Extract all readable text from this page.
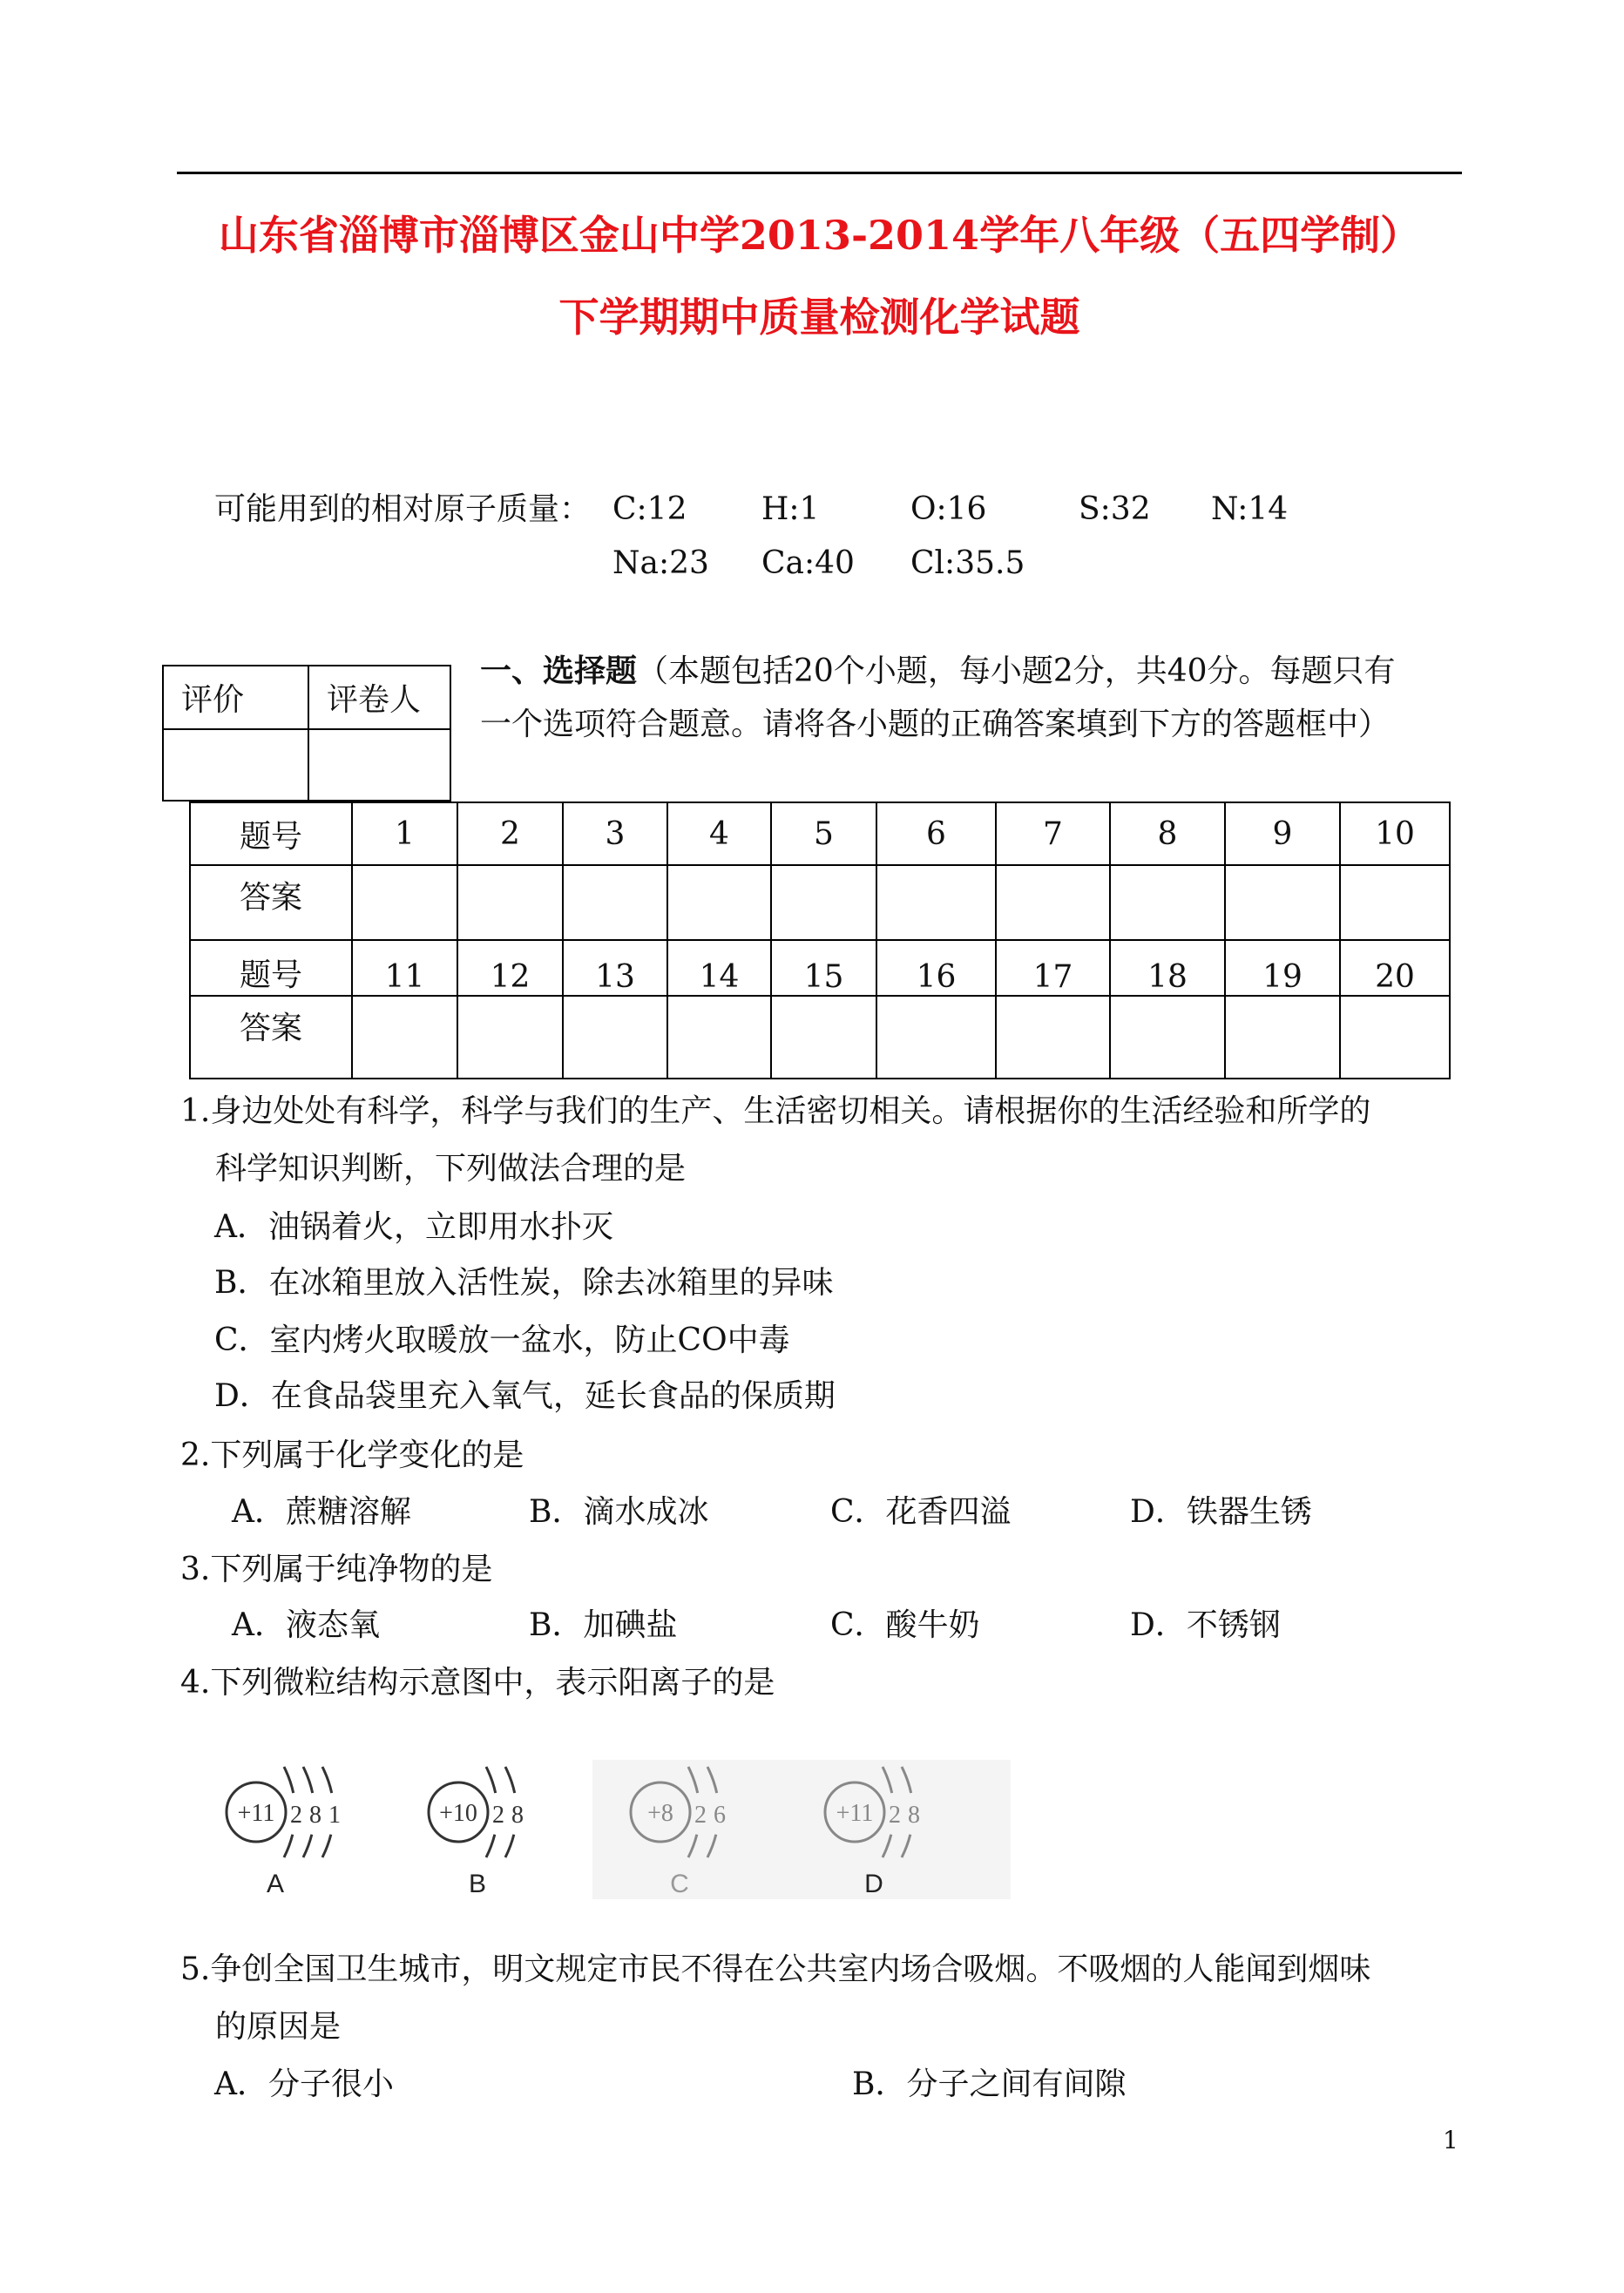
山东省淄博市淄博区金山中学2013-2014学年八年级（五四学制）
下学期期中质量检测化学试题
可能用到的相对原子质量： C:12 H:1	O:16	S:32 N:14
Na:23 Ca:40 Cl:35.5
评价	评卷人

一、选择题（本题包括20个小题，每小题2分，共40分。每题只有
一个选项符合题意。请将各小题的正确答案填到下方的答题框中）
题号	1	2	3	4	5	6	7	8	9	10
答案										
题号	11	12	13	14	15	16	17	18	19	20
答案										
1.身边处处有科学，科学与我们的生产、生活密切相关。请根据你的生活经验和所学的
科学知识判断，下列做法合理的是
A．油锅着火，立即用水扑灭
B．在冰箱里放入活性炭，除去冰箱里的异味
C．室内烤火取暖放一盆水，防止CO中毒
D．在食品袋里充入氧气，延长食品的保质期
2.下列属于化学变化的是
A．蔗糖溶解	B．滴水成冰	C．花香四溢	D．铁器生锈
3.下列属于纯净物的是
A．液态氧	B．加碘盐	C．酸牛奶	D．不锈钢
4.下列微粒结构示意图中，表示阳离子的是
+11 2 8 1
A
+10 2 8
B
+8 2 6
C
+11 2 8
D
5.争创全国卫生城市，明文规定市民不得在公共室内场合吸烟。不吸烟的人能闻到烟味
的原因是
A．分子很小	B．分子之间有间隙
1
